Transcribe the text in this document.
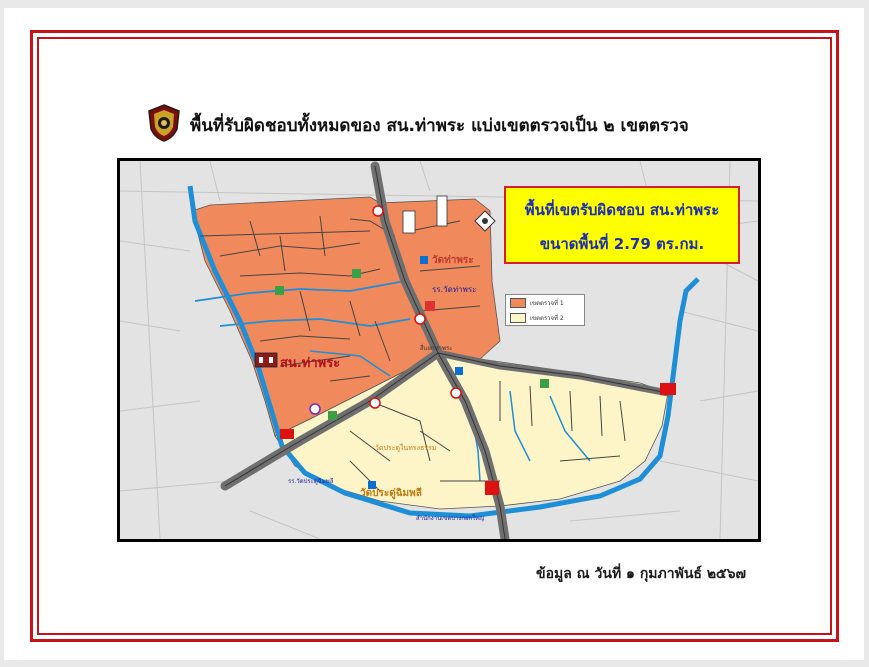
พื้นที่รับผิดชอบทั้งหมดของ สน.ท่าพระ แบ่งเขตตรวจเป็น ๒ เขตตรวจ
พื้นที่เขตรับผิดชอบ สน.ท่าพระ
ขนาดพื้นที่ 2.79 ตร.กม.
เขตตรวจที่ 1
เขตตรวจที่ 2
สน.ท่าพระ
วัดท่าพระ
รร.วัดท่าพระ
สี่แยกท่าพระ
วัดประดู่ฉิมพลี
วัดประดู่ในทรงธรรม
รร.วัดประดู่ฉิมพลี
สำนักงานเขตบางกอกใหญ่
ข้อมูล ณ วันที่ ๑ กุมภาพันธ์ ๒๕๖๗
